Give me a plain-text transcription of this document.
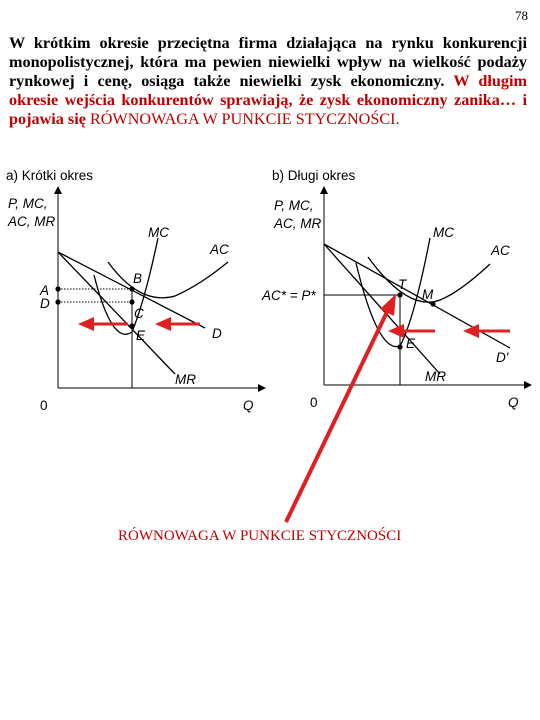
78
W krótkim okresie przeciętna firma działająca na rynku konkurencji monopolistycznej, która ma pewien niewielki wpływ na wielkość podaży rynkowej i cenę, osiąga także niewielki zysk ekonomiczny. W długim okresie wejścia konkurentów sprawiają, że zysk ekonomiczny zanika… i pojawia się RÓWNOWAGA W PUNKCIE STYCZNOŚCI.
a) Krótki okres
P, MC,
AC, MR
Q
0
MC
AC
D
MR
B
C
E
A
D
b) Długi okres
P, MC,
AC, MR
Q
0
MC
AC
D'
MR
T
M
E
AC* = P*
RÓWNOWAGA W PUNKCIE STYCZNOŚCI
